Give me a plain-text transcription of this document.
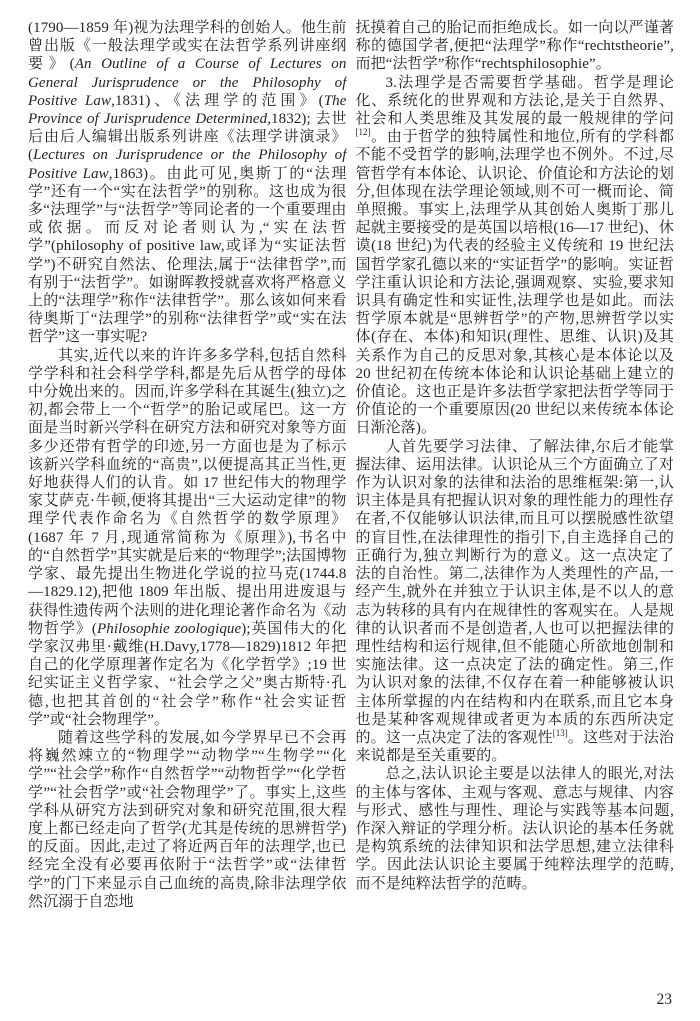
(1790—1859 年)视为法理学科的创始人。他生前曾出版《一般法理学或实在法哲学系列讲座纲要》(An Outline of a Course of Lectures on General Jurisprudence or the Philosophy of Positive Law,1831)、《法理学的范围》(The Province of Jurisprudence Determined,1832); 去世后由后人编辑出版系列讲座《法理学讲演录》(Lectures on Jurisprudence or the Philosophy of Positive Law,1863)。由此可见,奥斯丁的“法理学”还有一个“实在法哲学”的别称。这也成为很多“法理学”与“法哲学”等同论者的一个重要理由或依据。而反对论者则认为,“实在法哲学”(philosophy of positive law,或译为“实证法哲学”)不研究自然法、伦理法,属于“法律哲学”,而有别于“法哲学”。如谢晖教授就喜欢将严格意义上的“法理学”称作“法律哲学”。那么该如何来看待奥斯丁“法理学”的别称“法律哲学”或“实在法哲学”这一事实呢?

其实,近代以来的许许多多学科,包括自然科学学科和社会科学学科,都是先后从哲学的母体中分娩出来的。因而,许多学科在其诞生(独立)之初,都会带上一个“哲学”的胎记或尾巴。这一方面是当时新兴学科在研究方法和研究对象等方面多少还带有哲学的印迹,另一方面也是为了标示该新兴学科血统的“高贵”,以便提高其正当性,更好地获得人们的认肯。如 17 世纪伟大的物理学家艾萨克·牛顿,便将其提出“三大运动定律”的物理学代表作命名为《自然哲学的数学原理》(1687 年 7 月,现通常简称为《原理》),书名中的“自然哲学”其实就是后来的“物理学”;法国博物学家、最先提出生物进化学说的拉马克(1744.8—1829.12),把他 1809 年出版、提出用进废退与获得性遗传两个法则的进化理论著作命名为《动物哲学》(Philosophie zoologique);英国伟大的化学家汉弗里·戴维(H.Davy,1778—1829)1812 年把自己的化学原理著作定名为《化学哲学》;19 世纪实证主义哲学家、“社会学之父”奥古斯特·孔德,也把其首创的“社会学”称作“社会实证哲学”或“社会物理学”。

随着这些学科的发展,如今学界早已不会再将巍然竦立的“物理学”“动物学”“生物学”“化学”“社会学”称作“自然哲学”“动物哲学”“化学哲学”“社会哲学”或“社会物理学”了。事实上,这些学科从研究方法到研究对象和研究范围,很大程度上都已经走向了哲学(尤其是传统的思辨哲学)的反面。因此,走过了将近两百年的法理学,也已经完全没有必要再依附于“法哲学”或“法律哲学”的门下来显示自己血统的高贵,除非法理学依然沉溺于自恋地

抚摸着自己的胎记而拒绝成长。如一向以严谨著称的德国学者,便把“法理学”称作“rechtstheorie”,而把“法哲学”称作“rechtsphilosophie”。

3.法理学是否需要哲学基础。哲学是理论化、系统化的世界观和方法论,是关于自然界、社会和人类思维及其发展的最一般规律的学问[12]。由于哲学的独特属性和地位,所有的学科都不能不受哲学的影响,法理学也不例外。不过,尽管哲学有本体论、认识论、价值论和方法论的划分,但体现在法学理论领域,则不可一概而论、简单照搬。事实上,法理学从其创始人奥斯丁那儿起就主要接受的是英国以培根(16—17 世纪)、休谟(18 世纪)为代表的经验主义传统和 19 世纪法国哲学家孔德以来的“实证哲学”的影响。实证哲学注重认识论和方法论,强调观察、实验,要求知识具有确定性和实证性,法理学也是如此。而法哲学原本就是“思辨哲学”的产物,思辨哲学以实体(存在、本体)和知识(理性、思维、认识)及其关系作为自己的反思对象,其核心是本体论以及 20 世纪初在传统本体论和认识论基础上建立的价值论。这也正是许多法哲学家把法哲学等同于价值论的一个重要原因(20 世纪以来传统本体论日渐沦落)。

人首先要学习法律、了解法律,尔后才能掌握法律、运用法律。认识论从三个方面确立了对作为认识对象的法律和法治的思维框架:第一,认识主体是具有把握认识对象的理性能力的理性存在者,不仅能够认识法律,而且可以摆脱感性欲望的盲目性,在法律理性的指引下,自主选择自己的正确行为,独立判断行为的意义。这一点决定了法的自治性。第二,法律作为人类理性的产品,一经产生,就外在并独立于认识主体,是不以人的意志为转移的具有内在规律性的客观实在。人是规律的认识者而不是创造者,人也可以把握法律的理性结构和运行规律,但不能随心所欲地创制和实施法律。这一点决定了法的确定性。第三,作为认识对象的法律,不仅存在着一种能够被认识主体所掌握的内在结构和内在联系,而且它本身也是某种客观规律或者更为本质的东西所决定的。这一点决定了法的客观性[13]。这些对于法治来说都是至关重要的。

总之,法认识论主要是以法律人的眼光,对法的主体与客体、主观与客观、意志与规律、内容与形式、感性与理性、理论与实践等基本问题,作深入辩证的学理分析。法认识论的基本任务就是构筑系统的法律知识和法学思想,建立法律科学。因此法认识论主要属于纯粹法理学的范畴,而不是纯粹法哲学的范畴。

23
